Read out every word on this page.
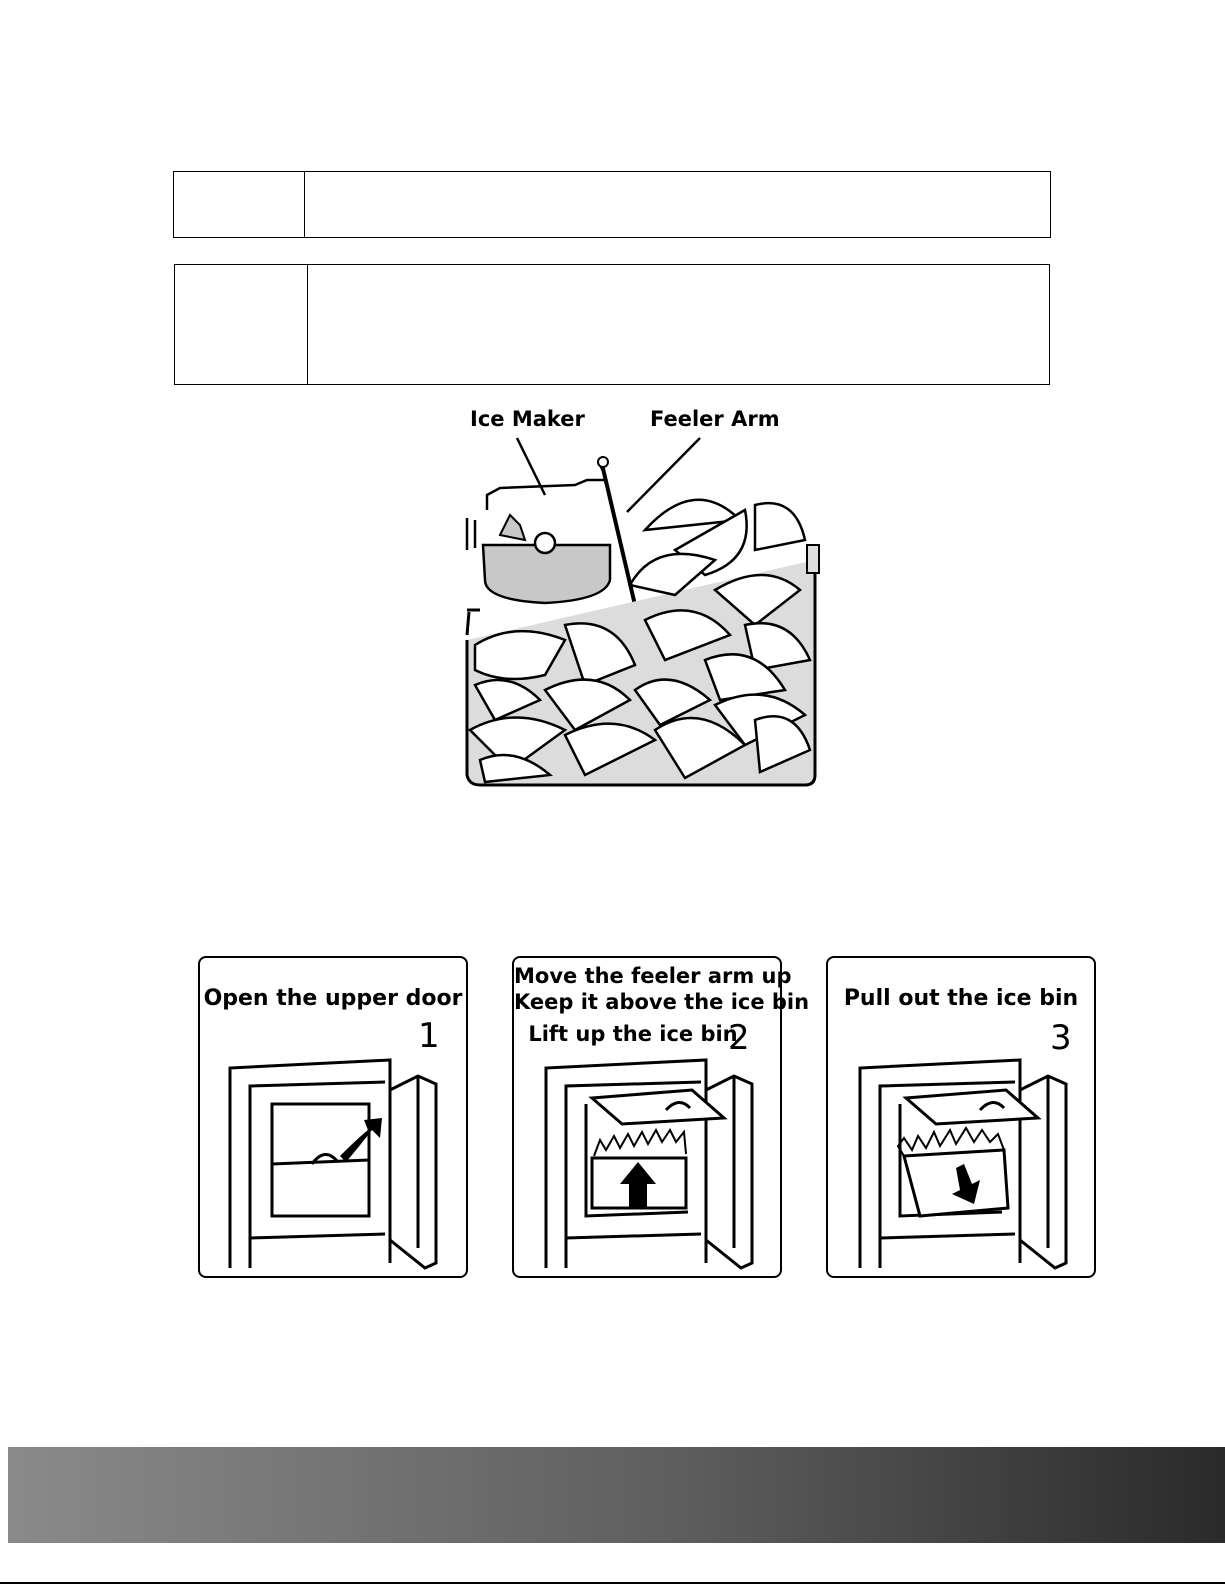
Ice Maker	Feeler Arm
Open the upper door
1
Move the feeler arm up
Keep it above the ice bin
Lift up the ice bin
2
Pull out the ice bin
3
